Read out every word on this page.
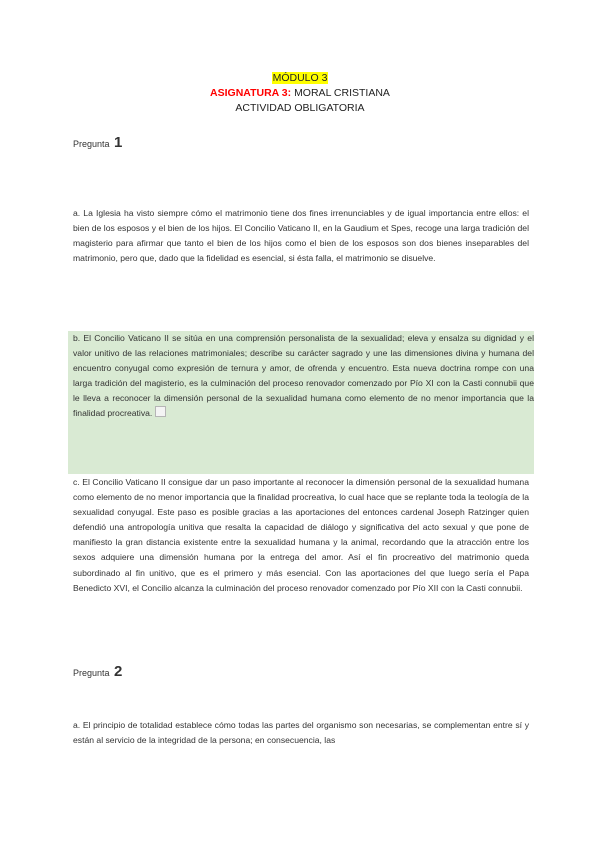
MÓDULO 3
ASIGNATURA 3: MORAL CRISTIANA
ACTIVIDAD OBLIGATORIA
Pregunta 1
a. La Iglesia ha visto siempre cómo el matrimonio tiene dos fines irrenunciables y de igual importancia entre ellos: el bien de los esposos y el bien de los hijos. El Concilio Vaticano II, en la Gaudium et Spes, recoge una larga tradición del magisterio para afirmar que tanto el bien de los hijos como el bien de los esposos son dos bienes inseparables del matrimonio, pero que, dado que la fidelidad es esencial, si ésta falla, el matrimonio se disuelve.
b. El Concilio Vaticano II se sitúa en una comprensión personalista de la sexualidad; eleva y ensalza su dignidad y el valor unitivo de las relaciones matrimoniales; describe su carácter sagrado y une las dimensiones divina y humana del encuentro conyugal como expresión de ternura y amor, de ofrenda y encuentro. Esta nueva doctrina rompe con una larga tradición del magisterio, es la culminación del proceso renovador comenzado por Pío XI con la Casti connubii que le lleva a reconocer la dimensión personal de la sexualidad humana como elemento de no menor importancia que la finalidad procreativa.
c. El Concilio Vaticano II consigue dar un paso importante al reconocer la dimensión personal de la sexualidad humana como elemento de no menor importancia que la finalidad procreativa, lo cual hace que se replante toda la teología de la sexualidad conyugal. Este paso es posible gracias a las aportaciones del entonces cardenal Joseph Ratzinger quien defendió una antropología unitiva que resalta la capacidad de diálogo y significativa del acto sexual y que pone de manifiesto la gran distancia existente entre la sexualidad humana y la animal, recordando que la atracción entre los sexos adquiere una dimensión humana por la entrega del amor. Así el fin procreativo del matrimonio queda subordinado al fin unitivo, que es el primero y más esencial. Con las aportaciones del que luego sería el Papa Benedicto XVI, el Concilio alcanza la culminación del proceso renovador comenzado por Pío XII con la Casti connubii.
Pregunta 2
a. El principio de totalidad establece cómo todas las partes del organismo son necesarias, se complementan entre sí y están al servicio de la integridad de la persona; en consecuencia, las
